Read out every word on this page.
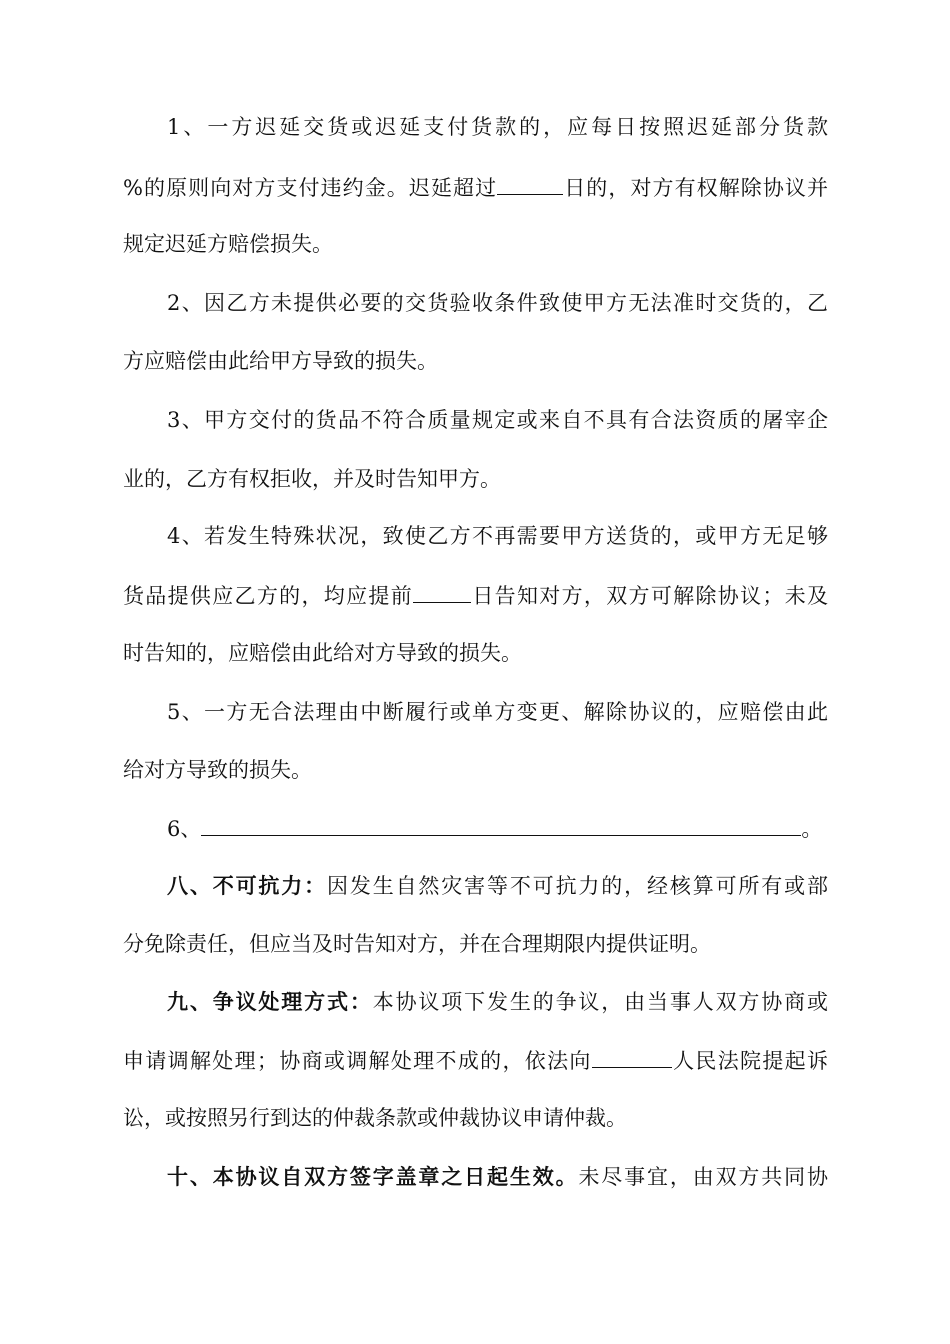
1、一方迟延交货或迟延支付货款的，应每日按照迟延部分货款
%的原则向对方支付违约金。迟延超过	日的，对方有权解除协议并
规定迟延方赔偿损失。
2、因乙方未提供必要的交货验收条件致使甲方无法准时交货的，乙
方应赔偿由此给甲方导致的损失。
3、甲方交付的货品不符合质量规定或来自不具有合法资质的屠宰企
业的，乙方有权拒收，并及时告知甲方。
4、若发生特殊状况，致使乙方不再需要甲方送货的，或甲方无足够
货品提供应乙方的，均应提前	日告知对方，双方可解除协议；未及
时告知的，应赔偿由此给对方导致的损失。
5、一方无合法理由中断履行或单方变更、解除协议的，应赔偿由此
给对方导致的损失。
6、	。
八、不可抗力：因发生自然灾害等不可抗力的，经核算可所有或部
分免除责任，但应当及时告知对方，并在合理期限内提供证明。
九、争议处理方式：本协议项下发生的争议，由当事人双方协商或
申请调解处理；协商或调解处理不成的，依法向	人民法院提起诉
讼，或按照另行到达的仲裁条款或仲裁协议申请仲裁。
十、本协议自双方签字盖章之日起生效。未尽事宜，由双方共同协
